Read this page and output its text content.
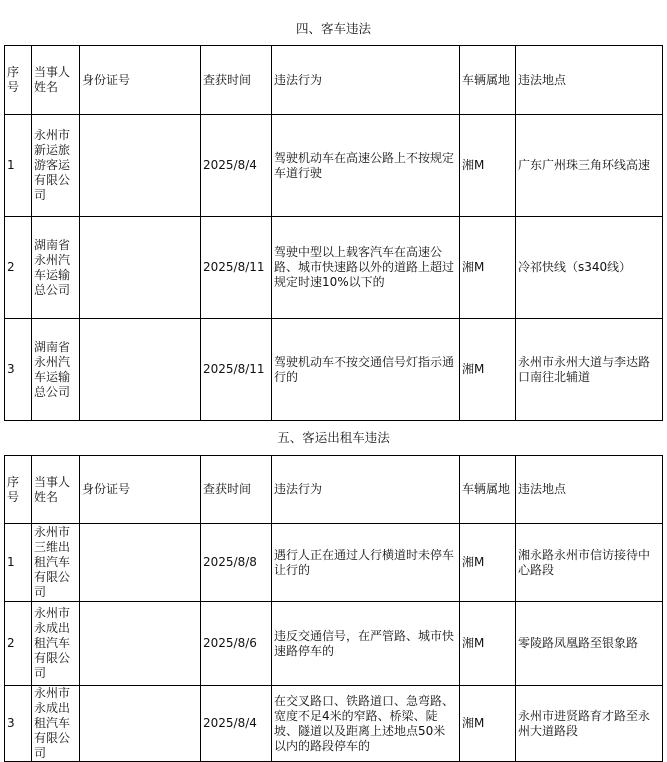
四、客车违法
序号	当事人姓名	身份证号	查获时间	违法行为	车辆属地	违法地点
1	永州市新运旅游客运有限公司		2025/8/4	驾驶机动车在高速公路上不按规定车道行驶	湘M	广东广州珠三角环线高速
2	湖南省永州汽车运输总公司		2025/8/11	驾驶中型以上载客汽车在高速公路、城市快速路以外的道路上超过规定时速10%以下的	湘M	冷祁快线（s340线）
3	湖南省永州汽车运输总公司		2025/8/11	驾驶机动车不按交通信号灯指示通行的	湘M	永州市永州大道与李达路口南往北辅道
五、客运出租车违法
序号	当事人姓名	身份证号	查获时间	违法行为	车辆属地	违法地点
1	永州市三维出租汽车有限公司		2025/8/8	遇行人正在通过人行横道时未停车让行的	湘M	湘永路永州市信访接待中心路段
2	永州市永成出租汽车有限公司		2025/8/6	违反交通信号，在严管路、城市快速路停车的	湘M	零陵路凤凰路至银象路
3	永州市永成出租汽车有限公司		2025/8/4	在交叉路口、铁路道口、急弯路、宽度不足4米的窄路、桥梁、陡坡、隧道以及距离上述地点50米以内的路段停车的	湘M	永州市进贤路育才路至永州大道路段
